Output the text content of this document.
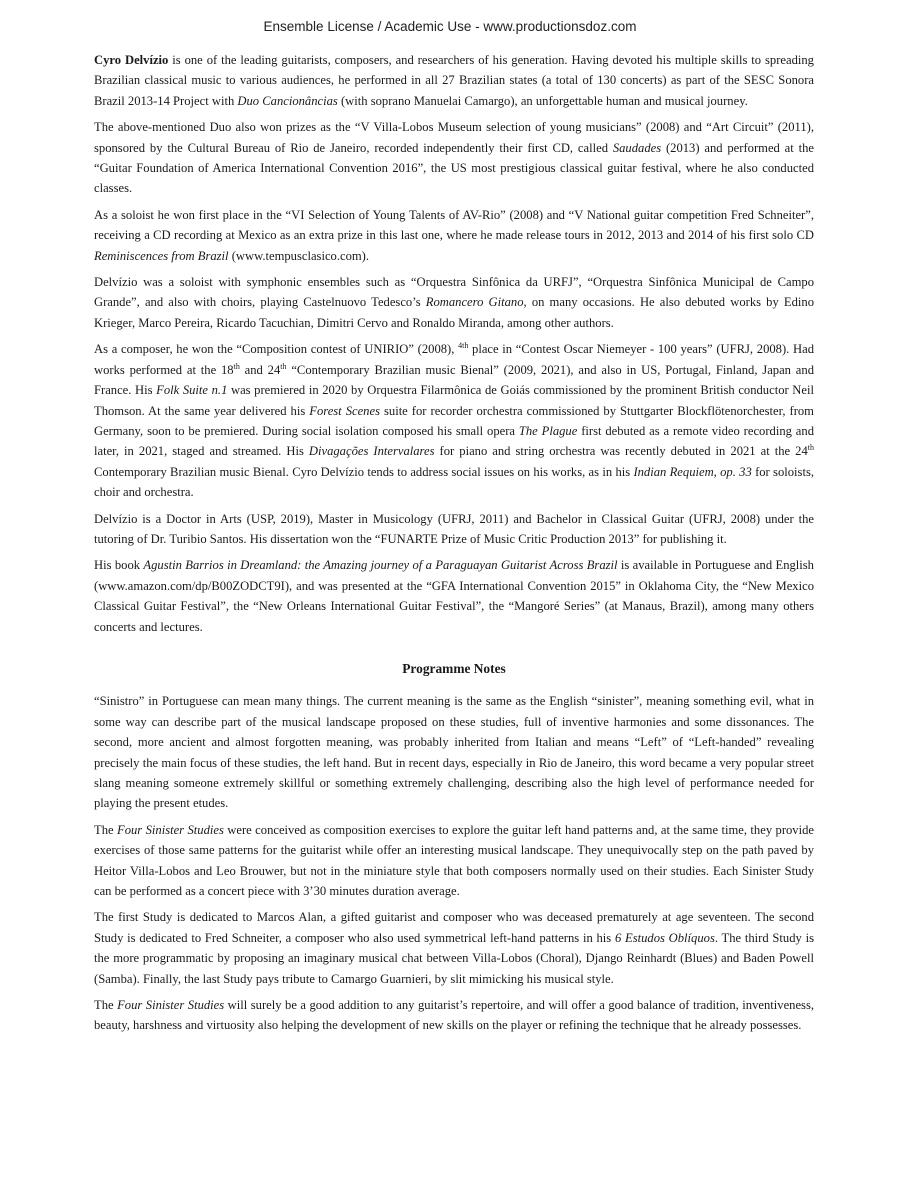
Ensemble License / Academic Use - www.productionsdoz.com

Cyro Delvízio is one of the leading guitarists, composers, and researchers of his generation. Having devoted his multiple skills to spreading Brazilian classical music to various audiences, he performed in all 27 Brazilian states (a total of 130 concerts) as part of the SESC Sonora Brazil 2013-14 Project with Duo Cancionâncias (with soprano Manuelai Camargo), an unforgettable human and musical journey.

The above-mentioned Duo also won prizes as the “V Villa-Lobos Museum selection of young musicians” (2008) and “Art Circuit” (2011), sponsored by the Cultural Bureau of Rio de Janeiro, recorded independently their first CD, called Saudades (2013) and performed at the “Guitar Foundation of America International Convention 2016”, the US most prestigious classical guitar festival, where he also conducted classes.

As a soloist he won first place in the “VI Selection of Young Talents of AV-Rio” (2008) and “V National guitar competition Fred Schneiter”, receiving a CD recording at Mexico as an extra prize in this last one, where he made release tours in 2012, 2013 and 2014 of his first solo CD Reminiscences from Brazil (www.tempusclasico.com).

Delvízio was a soloist with symphonic ensembles such as “Orquestra Sinfônica da URFJ”, “Orquestra Sinfônica Municipal de Campo Grande”, and also with choirs, playing Castelnuovo Tedesco’s Romancero Gitano, on many occasions. He also debuted works by Edino Krieger, Marco Pereira, Ricardo Tacuchian, Dimitri Cervo and Ronaldo Miranda, among other authors.

As a composer, he won the “Composition contest of UNIRIO” (2008), $^{4th}$ place in “Contest Oscar Niemeyer - 100 years” (UFRJ, 2008). Had works performed at the 18th and 24th “Contemporary Brazilian music Bienal” (2009, 2021), and also in US, Portugal, Finland, Japan and France. His Folk Suite n.1 was premiered in 2020 by Orquestra Filarmônica de Goiás commissioned by the prominent British conductor Neil Thomson. At the same year delivered his Forest Scenes suite for recorder orchestra commissioned by Stuttgarter Blockflötenorchester, from Germany, soon to be premiered. During social isolation composed his small opera The Plague first debuted as a remote video recording and later, in 2021, staged and streamed. His Divagações Intervalares for piano and string orchestra was recently debuted in 2021 at the 24th Contemporary Brazilian music Bienal. Cyro Delvízio tends to address social issues on his works, as in his Indian Requiem, op. 33 for soloists, choir and orchestra.

Delvízio is a Doctor in Arts (USP, 2019), Master in Musicology (UFRJ, 2011) and Bachelor in Classical Guitar (UFRJ, 2008) under the tutoring of Dr. Turibio Santos. His dissertation won the “FUNARTE Prize of Music Critic Production 2013” for publishing it.

His book Agustin Barrios in Dreamland: the Amazing journey of a Paraguayan Guitarist Across Brazil is available in Portuguese and English (www.amazon.com/dp/B00ZODCT9I), and was presented at the “GFA International Convention 2015” in Oklahoma City, the “New Mexico Classical Guitar Festival”, the “New Orleans International Guitar Festival”, the “Mangoré Series” (at Manaus, Brazil), among many others concerts and lectures.

Programme Notes

“Sinistro” in Portuguese can mean many things. The current meaning is the same as the English “sinister”, meaning something evil, what in some way can describe part of the musical landscape proposed on these studies, full of inventive harmonies and some dissonances. The second, more ancient and almost forgotten meaning, was probably inherited from Italian and means “Left” of “Left-handed” revealing precisely the main focus of these studies, the left hand. But in recent days, especially in Rio de Janeiro, this word became a very popular street slang meaning someone extremely skillful or something extremely challenging, describing also the high level of performance needed for playing the present etudes.

The Four Sinister Studies were conceived as composition exercises to explore the guitar left hand patterns and, at the same time, they provide exercises of those same patterns for the guitarist while offer an interesting musical landscape. They unequivocally step on the path paved by Heitor Villa-Lobos and Leo Brouwer, but not in the miniature style that both composers normally used on their studies. Each Sinister Study can be performed as a concert piece with 3’30 minutes duration average.

The first Study is dedicated to Marcos Alan, a gifted guitarist and composer who was deceased prematurely at age seventeen. The second Study is dedicated to Fred Schneiter, a composer who also used symmetrical left-hand patterns in his 6 Estudos Oblíquos. The third Study is the more programmatic by proposing an imaginary musical chat between Villa-Lobos (Choral), Django Reinhardt (Blues) and Baden Powell (Samba). Finally, the last Study pays tribute to Camargo Guarnieri, by slit mimicking his musical style.

The Four Sinister Studies will surely be a good addition to any guitarist’s repertoire, and will offer a good balance of tradition, inventiveness, beauty, harshness and virtuosity also helping the development of new skills on the player or refining the technique that he already possesses.
